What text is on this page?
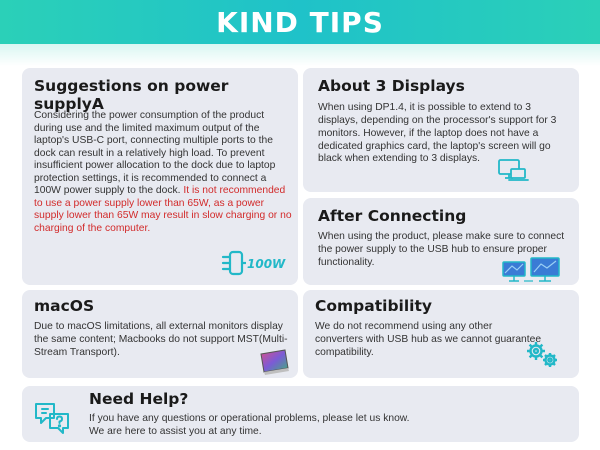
KIND TIPS
Suggestions on power supplyA

Considering the power consumption of the product during use and the limited maximum output of the laptop's USB-C port, connecting multiple ports to the dock can result in a relatively high load. To prevent insufficient power allocation to the dock due to laptop protection settings, it is recommended to connect a 100W power supply to the dock. It is not recommended to use a power supply lower than 65W, as a power supply lower than 65W may result in slow charging or no charging of the computer.

About 3 Displays

When using DP1.4, it is possible to extend to 3 displays, depending on the processor's support for 3 monitors. However, if the laptop does not have a dedicated graphics card, the laptop's screen will go black when extending to 3 displays.

After Connecting

When using the product, please make sure to connect the power supply to the USB hub to ensure proper functionality.

macOS

Due to macOS limitations, all external monitors display the same content; Macbooks do not support MST(Multi-Stream Transport).

Compatibility

We do not recommend using any other converters with USB hub as we cannot guarantee compatibility.

Need Help?

If you have any questions or operational problems, please let us know.
We are here to assist you at any time.

100W
